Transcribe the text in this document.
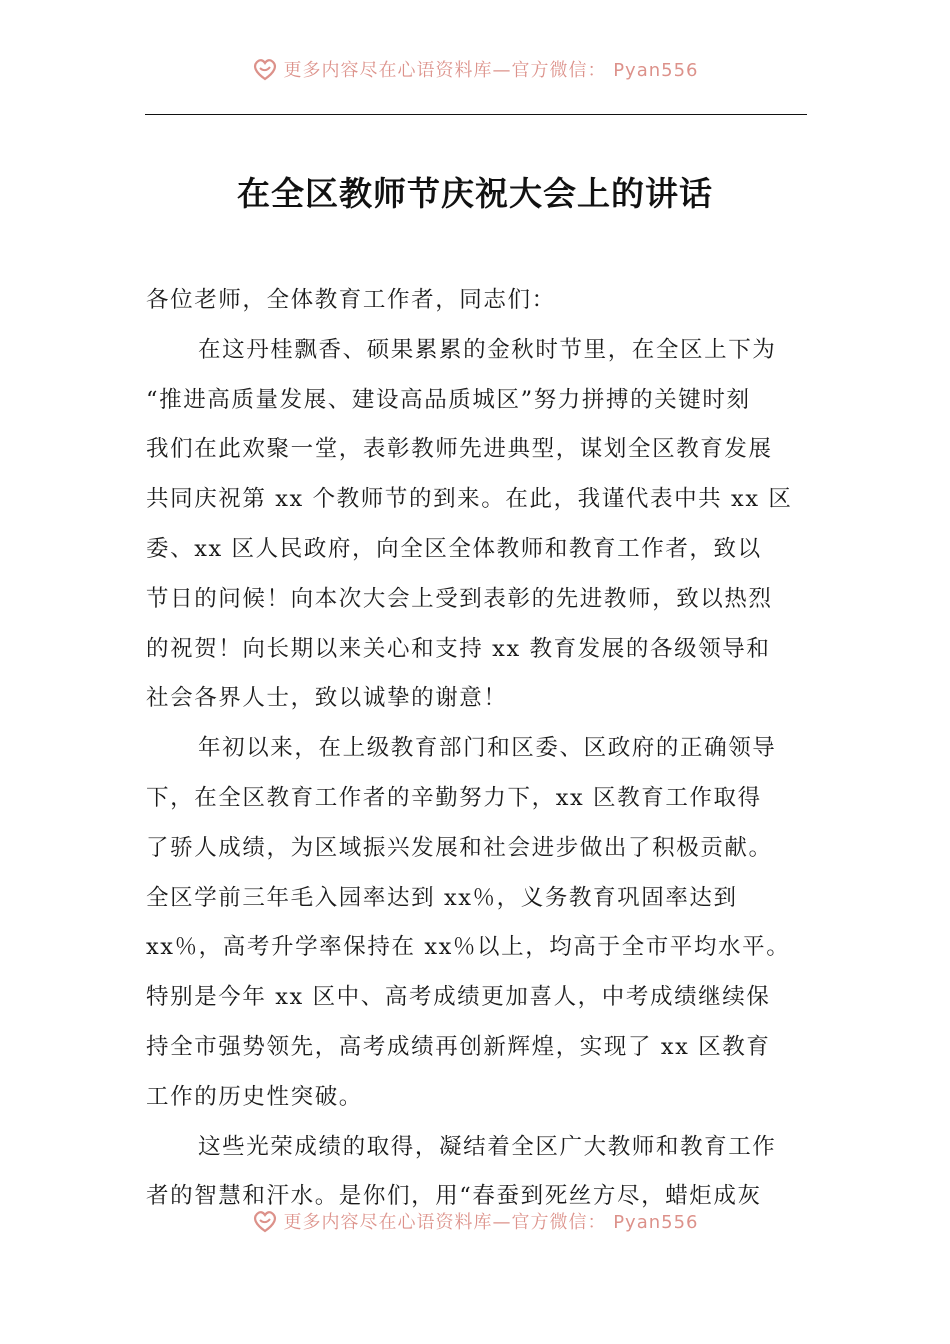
更多内容尽在心语资料库—官方微信： Pyan556
在全区教师节庆祝大会上的讲话
各位老师，全体教育工作者，同志们：
在这丹桂飘香、硕果累累的金秋时节里，在全区上下为
“推进高质量发展、建设高品质城区”努力拼搏的关键时刻
我们在此欢聚一堂，表彰教师先进典型，谋划全区教育发展
共同庆祝第 xx 个教师节的到来。在此，我谨代表中共 xx 区
委、xx 区人民政府，向全区全体教师和教育工作者，致以
节日的问候！向本次大会上受到表彰的先进教师，致以热烈
的祝贺！向长期以来关心和支持 xx 教育发展的各级领导和
社会各界人士，致以诚挚的谢意！
年初以来，在上级教育部门和区委、区政府的正确领导
下，在全区教育工作者的辛勤努力下，xx 区教育工作取得
了骄人成绩，为区域振兴发展和社会进步做出了积极贡献。
全区学前三年毛入园率达到 xx％，义务教育巩固率达到
xx％，高考升学率保持在 xx％以上，均高于全市平均水平。
特别是今年 xx 区中、高考成绩更加喜人，中考成绩继续保
持全市强势领先，高考成绩再创新辉煌，实现了 xx 区教育
工作的历史性突破。
这些光荣成绩的取得，凝结着全区广大教师和教育工作
者的智慧和汗水。是你们，用“春蚕到死丝方尽，蜡炬成灰
更多内容尽在心语资料库—官方微信： Pyan556
